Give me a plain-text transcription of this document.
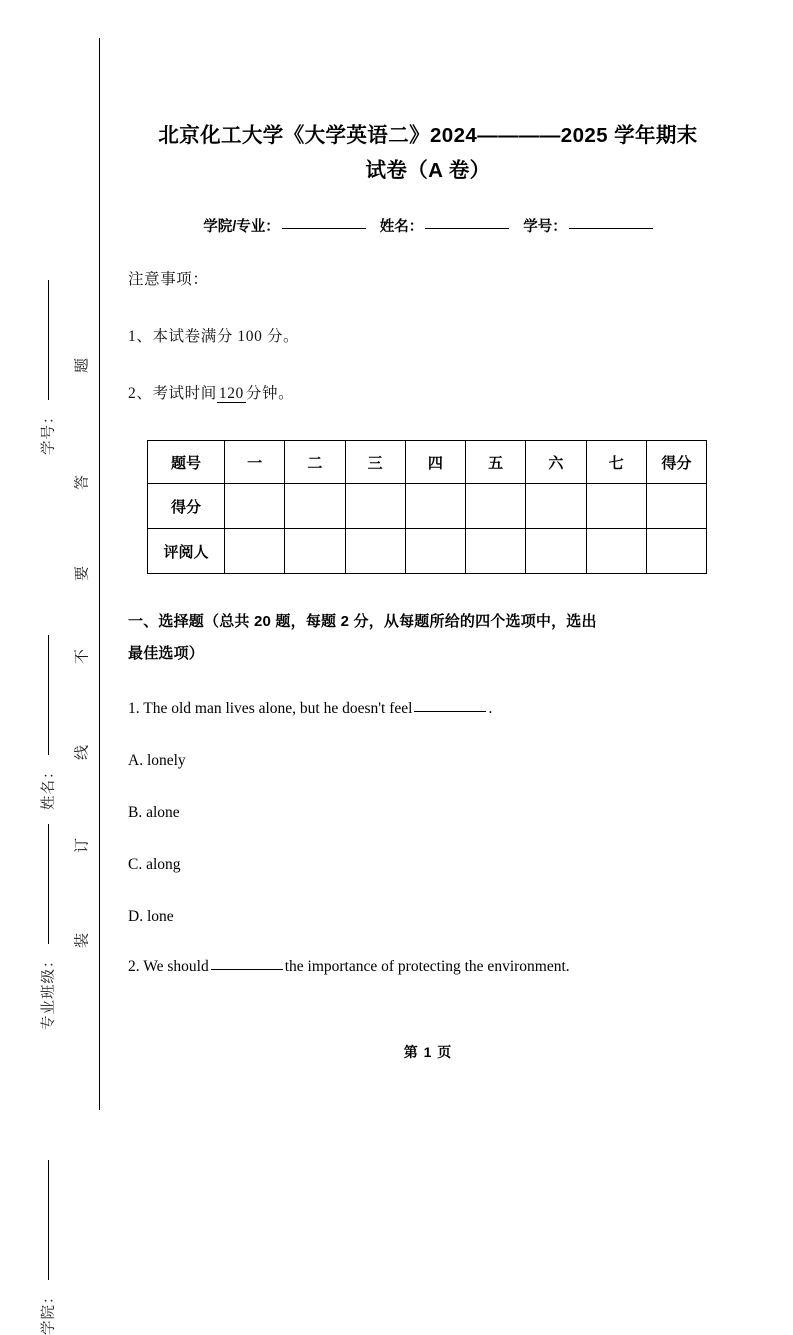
学号：
姓名：
专业班级：
学院：
题
答
要
不
线
订
装
北京化工大学《大学英语二》2024————2025 学年期末
试卷（A 卷）

学院/专业：	姓名：	学号：

注意事项：

1、本试卷满分 100 分。

2、考试时间 120 分钟。

题号	一	二	三	四	五	六	七	得分
得分								
评阅人								
一、选择题（总共 20 题，每题 2 分，从每题所给的四个选项中，选出
最佳选项）

1. The old man lives alone, but he doesn't feel	.

A. lonely

B. alone

C. along

D. lone

2. We should	the importance of protecting the environment.

第 1 页
